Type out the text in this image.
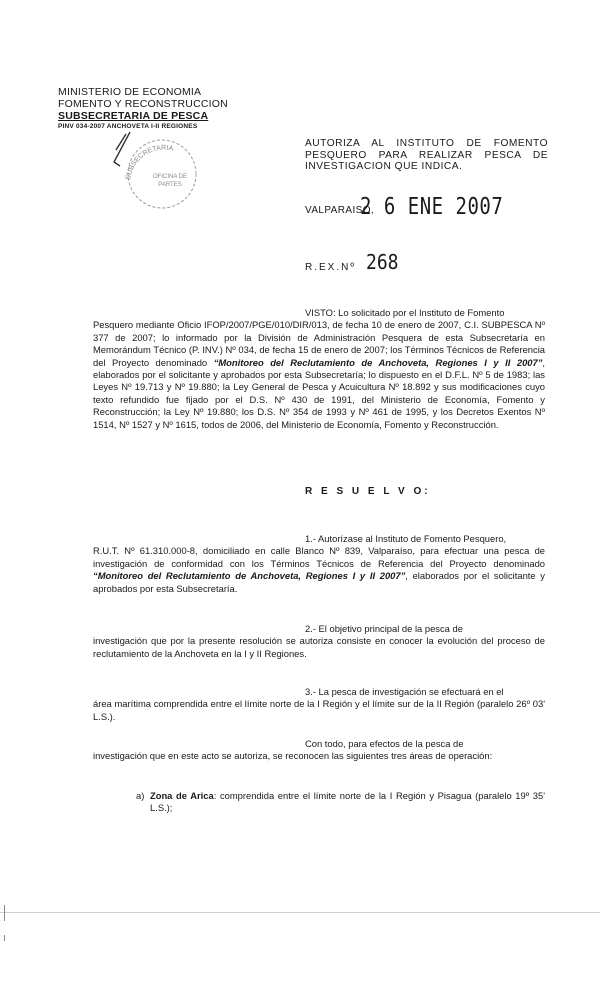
MINISTERIO DE ECONOMIA
FOMENTO Y RECONSTRUCCION
SUBSECRETARIA DE PESCA
PINV 034-2007 ANCHOVETA I-II REGIONES
SUBSECRETARIA
OFICINA DE
PARTES
AUTORIZA AL INSTITUTO DE FOMENTO PESQUERO PARA REALIZAR PESCA DE INVESTIGACION QUE INDICA.
VALPARAISO,
2 6 ENE 2007
R.EX.Nº 268
VISTO: Lo solicitado por el Instituto de Fomento
Pesquero mediante Oficio IFOP/2007/PGE/010/DIR/013, de fecha 10 de enero de 2007, C.I. SUBPESCA Nº 377 de 2007; lo informado por la División de Administración Pesquera de esta Subsecretaría en Memorándum Técnico (P. INV.) Nº 034, de fecha 15 de enero de 2007; los Términos Técnicos de Referencia del Proyecto denominado “Monitoreo del Reclutamiento de Anchoveta, Regiones I y II 2007”, elaborados por el solicitante y aprobados por esta Subsecretaría; lo dispuesto en el D.F.L. Nº 5 de 1983; las Leyes Nº 19.713 y Nº 19.880; la Ley General de Pesca y Acuicultura Nº 18.892 y sus modificaciones cuyo texto refundido fue fijado por el D.S. Nº 430 de 1991, del Ministerio de Economía, Fomento y Reconstrucción; la Ley Nº 19.880; los D.S. Nº 354 de 1993 y Nº 461 de 1995, y los Decretos Exentos Nº 1514, Nº 1527 y Nº 1615, todos de 2006, del Ministerio de Economía, Fomento y Reconstrucción.
R E S U E L V O:
1.- Autorízase al Instituto de Fomento Pesquero,
R.U.T. Nº 61.310.000-8, domiciliado en calle Blanco Nº 839, Valparaíso, para efectuar una pesca de investigación de conformidad con los Términos Técnicos de Referencia del Proyecto denominado “Monitoreo del Reclutamiento de Anchoveta, Regiones I y II 2007”, elaborados por el solicitante y aprobados por esta Subsecretaría.
2.- El objetivo principal de la pesca de
investigación que por la presente resolución se autoriza consiste en conocer la evolución del proceso de reclutamiento de la Anchoveta en la I y II Regiones.
3.- La pesca de investigación se efectuará en el
área marítima comprendida entre el límite norte de la I Región y el límite sur de la II Región (paralelo 26º 03' L.S.).
Con todo, para efectos de la pesca de
investigación que en este acto se autoriza, se reconocen las siguientes tres áreas de operación:
a) Zona de Arica: comprendida entre el límite norte de la I Región y Pisagua (paralelo 19º 35' L.S.);
